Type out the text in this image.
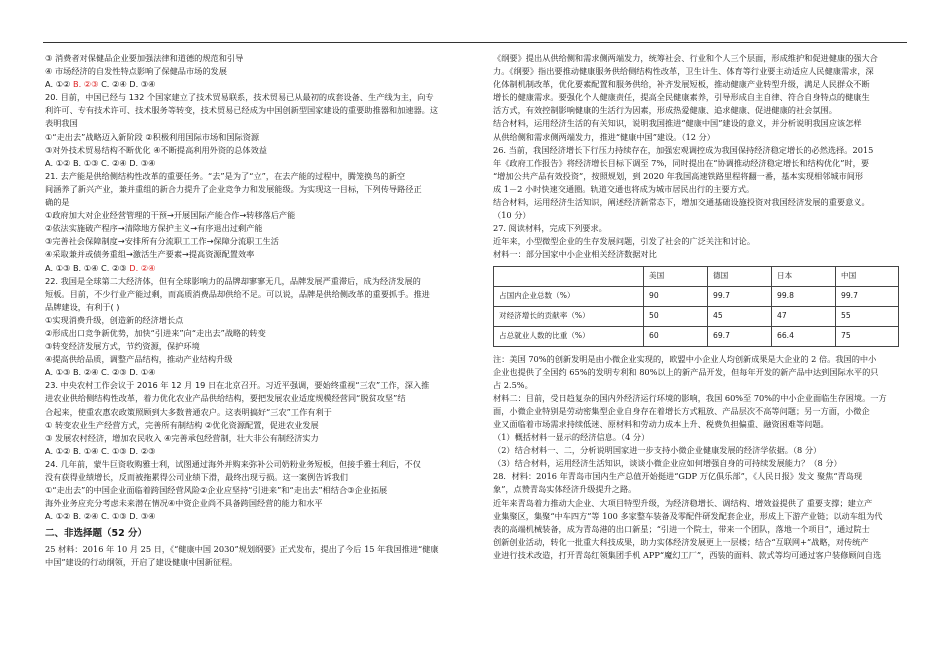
③ 消费者对保健品企业要加强法律和道德的规范和引导
④ 市场经济的自发性特点影响了保健品市场的发展
A. ①② B. ②③ C. ②④ D. ③④
20. 目前，中国已经与 132 个国家建立了技术贸易联系，技术贸易已从最初的成套设备、生产线为主，向专
利许可、专有技术许可、技术服务等转变，技术贸易已经成为中国创新型国家建设的重要助推器和加速器。这
表明我国
①“走出去”战略迈入新阶段 ②积极利用国际市场和国际资源
③对外技术贸易结构不断优化 ④不断提高利用外资的总体效益
A. ①② B. ①③ C. ②④ D. ③④
21. 去产能是供给侧结构性改革的重要任务。“去”是为了“立”，在去产能的过程中，腾笼换鸟的新空
间涵养了新兴产业，兼并重组的新合力提升了企业竞争力和发展能级。为实现这一目标，下列传导路径正
确的是
①政府加大对企业经营管理的干预→开展国际产能合作→转移落后产能
②依法实施破产程序→清除地方保护主义→有序退出过剩产能
③完善社会保障制度→安排所有分流职工工作→保障分流职工生活
④采取兼并或债务重组→激活生产要素→提高资源配置效率
A. ①③ B. ①④ C. ②③ D. ②④
22. 我国是全球第二大经济体，但有全球影响力的品牌却寥寥无几，品牌发展严重滞后，成为经济发展的
短板。目前，不少行业产能过剩，而高质消费品却供给不足。可以说，品牌是供给侧改革的重要抓手。推进
品牌建设，有利于( )
①实现消费升级，创造新的经济增长点
②形成出口竞争新优势，加快“引进来”向“走出去”战略的转变
③转变经济发展方式，节约资源，保护环境
④提高供给品质，调整产品结构，推动产业结构升级
A. ①③ B. ②④ C. ②③ D. ①④
23. 中央农村工作会议于 2016 年 12 月 19 日在北京召开。习近平强调，要始终重视“三农”工作，深入推
进农业供给侧结构性改革，着力优化农业产品供给结构，要把发展农业适度规模经营同“脱贫攻坚”结
合起来，使重农惠农政策照顾到大多数普通农户。这表明搞好“三农”工作有利于
① 转变农业生产经营方式，完善所有制结构 ②优化资源配置，促进农业发展
③ 发展农村经济，增加农民收入 ④完善承包经营制，壮大非公有制经济实力
A. ①② B. ①④ C. ①③ D. ②③
24. 几年前，蒙牛巨资收购雅士利，试图通过海外并购来弥补公司奶粉业务短板，但接手雅士利后，不仅
没有获得业绩增长，反而被拖累得公司业绩下滑，最终出现亏损。这一案例告诉我们
①“走出去”的中国企业面临着跨国经营风险②企业应坚持“引进来”和“走出去”相结合③企业拓展
海外业务应充分考虑未来潜在情况④中资企业尚不具备跨国经营的能力和水平
A. ①② B. ②④ C. ①③ D. ③④
二、非选择题（52 分）
25 材料：2016 年 10 月 25 日，《“健康中国 2030”规划纲要》正式发布，提出了今后 15 年我国推进“健康
中国”建设的行动纲领，开启了建设健康中国新征程。
《纲要》提出从供给侧和需求侧两端发力，统筹社会、行业和个人三个层面，形成维护和促进健康的强大合
力。《纲要》指出要推动健康服务供给侧结构性改革，卫生计生、体育等行业要主动适应人民健康需求，深
化体制机制改革，优化要素配置和服务供给，补齐发展短板，推动健康产业转型升级，满足人民群众不断
增长的健康需求。要强化个人健康责任，提高全民健康素养，引导形成自主自律、符合自身特点的健康生
活方式，有效控制影响健康的生活行为因素，形成热爱健康、追求健康、促进健康的社会氛围。
结合材料，运用经济生活的有关知识，说明我国推进“健康中国”建设的意义，并分析说明我国应该怎样
从供给侧和需求侧两端发力，推进“健康中国”建设。（12 分）
26. 当前，我国经济增长下行压力持续存在，加强宏观调控成为我国保持经济稳定增长的必然选择。2015
年《政府工作报告》将经济增长目标下调至 7%，同时提出在“协调推动经济稳定增长和结构优化”时，要
“增加公共产品有效投资”，按照规划，到 2020 年我国高速铁路里程将翻一番，基本实现相邻城市间形
成 1－2 小时快速交通圈。轨道交通也将成为城市居民出行的主要方式。
结合材料，运用经济生活知识，阐述经济新常态下，增加交通基础设施投资对我国经济发展的重要意义。
（10 分）
27. 阅读材料，完成下列要求。
近年来，小型微型企业的生存发展问题，引发了社会的广泛关注和讨论。
材料一：部分国家中小企业相关经济数据对比
	美国	德国	日本	中国
占国内企业总数（%）	90	99.7	99.8	99.7
对经济增长的贡献率（%）	50	45	47	55
占总就业人数的比重（%）	60	69.7	66.4	75
注：美国 70%的创新发明是由小微企业实现的，欧盟中小企业人均创新成果是大企业的 2 倍。我国的中小
企业也提供了全国约 65%的发明专利和 80%以上的新产品开发，但每年开发的新产品中达到国际水平的只
占 2.5%。
材料二：目前，受日趋复杂的国内外经济运行环境的影响，我国 60%至 70%的中小企业面临生存困境。一方
面，小微企业特别是劳动密集型企业自身存在着增长方式粗放、产品层次不高等问题；另一方面，小微企
业又面临着市场需求持续低迷、原材料和劳动力成本上升、税费负担偏重、融资困难等问题。
（1）概括材料一显示的经济信息。（4 分）
（2）结合材料一、二，分析说明国家进一步支持小微企业健康发展的经济学依据。（8 分）
（3）结合材料，运用经济生活知识，谈谈小微企业应如何增强自身的可持续发展能力？（8 分）
28．材料：2016 年青岛市国内生产总值开始挺进“GDP 万亿俱乐部”，《人民日报》发文 聚焦“青岛现
象”，点赞青岛实体经济升级提升之路。
近年来青岛着力推动大企业、大项目特型升级，为经济稳增长、调结构、增效益提供了 重要支撑；建立产
业集聚区，集聚“中车四方”等 100 多家整车装备及零配件研发配套企业，形成上下游产业链；以动车组为代
表的高端机械装备，成为青岛港的出口新星；“引进一个院士，带来一个团队，落地一个项目”，通过院士
创新创业活动，转化一批重大科技成果，助力实体经济发展更上一层楼；结合“互联网+”战略，对传统产
业进行技术改造，打开青岛红领集团手机 APP“魔幻工厂”，西装的面料、款式等均可通过客户装修顾问自选
